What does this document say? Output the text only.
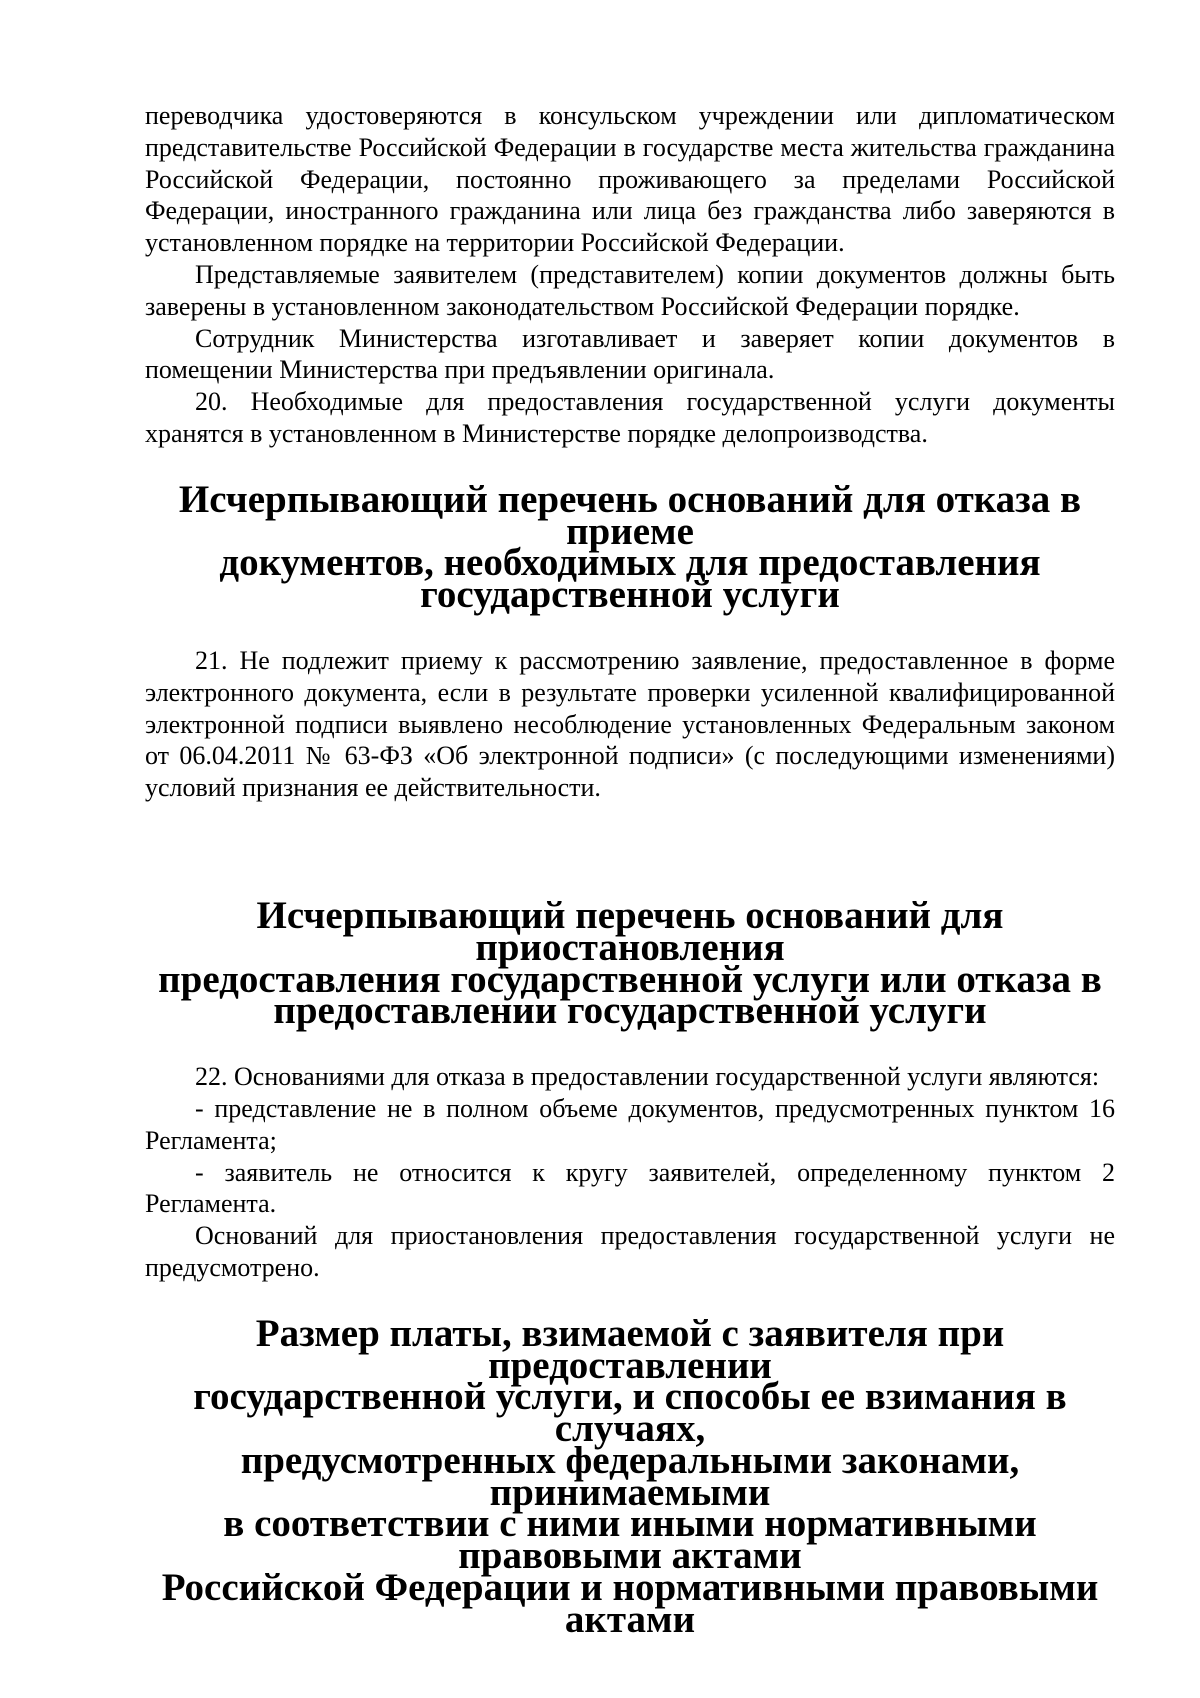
переводчика удостоверяются в консульском учреждении или дипломатическом представительстве Российской Федерации в государстве места жительства гражданина Российской Федерации, постоянно проживающего за пределами Российской Федерации, иностранного гражданина или лица без гражданства либо заверяются в установленном порядке на территории Российской Федерации.

Представляемые заявителем (представителем) копии документов должны быть заверены в установленном законодательством Российской Федерации порядке.

Сотрудник Министерства изготавливает и заверяет копии документов в помещении Министерства при предъявлении оригинала.

20. Необходимые для предоставления государственной услуги документы хранятся в установленном в Министерстве порядке делопроизводства.

Исчерпывающий перечень оснований для отказа в приеме
документов, необходимых для предоставления
государственной услуги

21. Не подлежит приему к рассмотрению заявление, предоставленное в форме электронного документа, если в результате проверки усиленной квалифицированной электронной подписи выявлено несоблюдение установленных Федеральным законом от 06.04.2011 № 63-ФЗ «Об электронной подписи» (с последующими изменениями) условий признания ее действительности.

Исчерпывающий перечень оснований для приостановления
предоставления государственной услуги или отказа в
предоставлении государственной услуги

22. Основаниями для отказа в предоставлении государственной услуги являются:

- представление не в полном объеме документов, предусмотренных пунктом 16 Регламента;

- заявитель не относится к кругу заявителей, определенному пунктом 2 Регламента.

Оснований для приостановления предоставления государственной услуги не предусмотрено.

Размер платы, взимаемой с заявителя при предоставлении
государственной услуги, и способы ее взимания в случаях,
предусмотренных федеральными законами, принимаемыми
в соответствии с ними иными нормативными правовыми актами
Российской Федерации и нормативными правовыми актами
